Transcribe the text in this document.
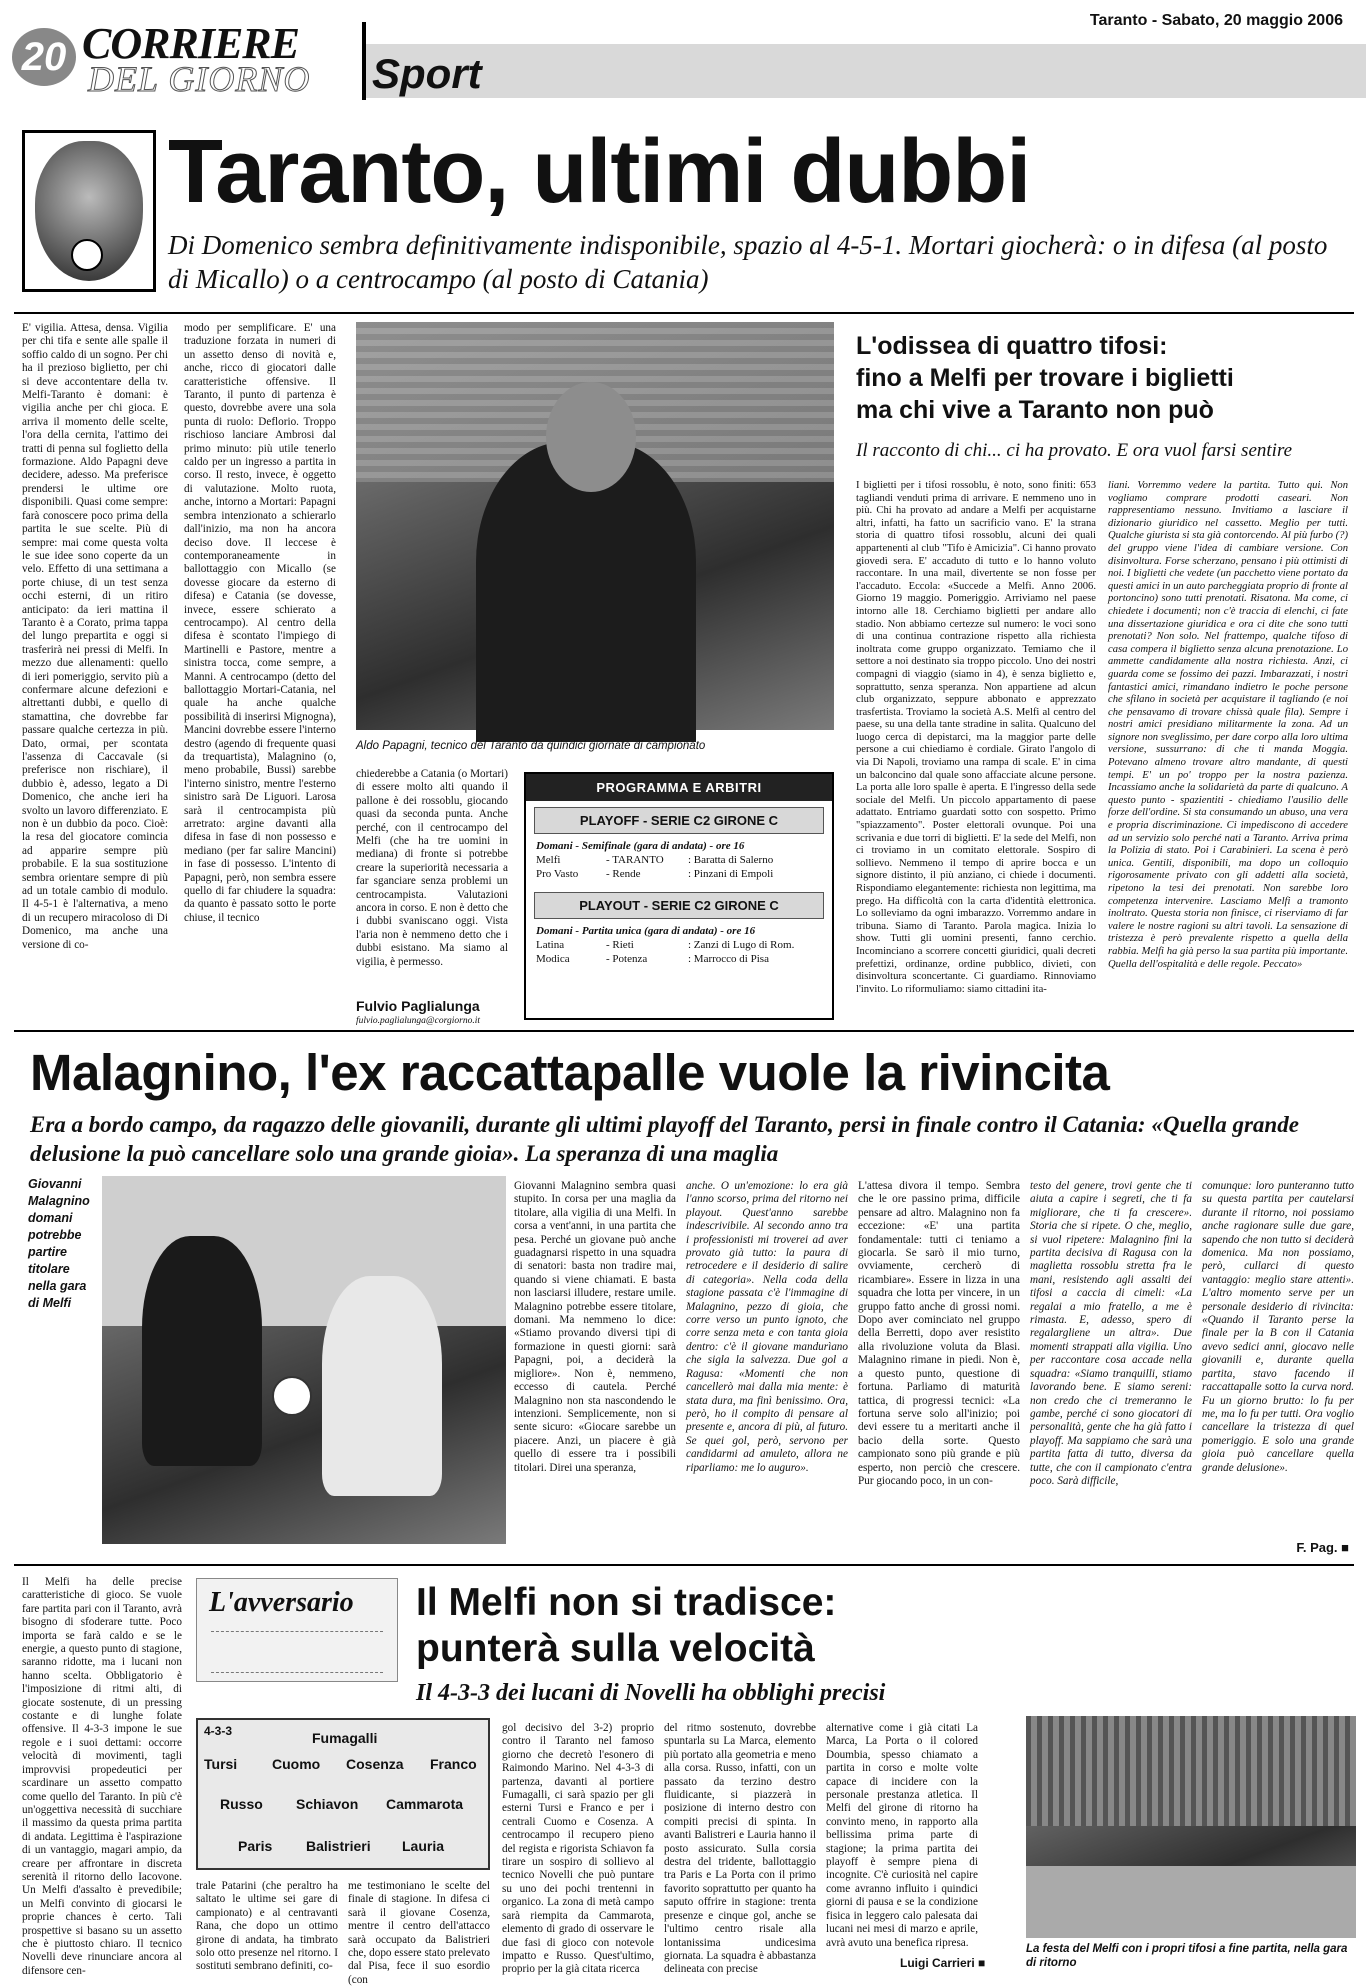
20 CORRIERE
DEL GIORNO Sport
Taranto - Sabato, 20 maggio 2006
Taranto, ultimi dubbi
Di Domenico sembra definitivamente indisponibile, spazio al 4-5-1. Mortari giocherà: o in difesa (al posto di Micallo) o a centrocampo (al posto di Catania)
E' vigilia. Attesa, densa. Vigilia per chi tifa e sente alle spalle il soffio caldo di un sogno. Per chi ha il prezioso biglietto, per chi si deve accontentare della tv. Melfi-Taranto è domani: è vigilia anche per chi gioca. E arriva il momento delle scelte, l'ora della cernita, l'attimo dei tratti di penna sul foglietto della formazione. Aldo Papagni deve decidere, adesso. Ma preferisce prendersi le ultime ore disponibili. Quasi come sempre: farà conoscere poco prima della partita le sue scelte. Più di sempre: mai come questa volta le sue idee sono coperte da un velo. Effetto di una settimana a porte chiuse, di un test senza occhi esterni, di un ritiro anticipato: da ieri mattina il Taranto è a Corato, prima tappa del lungo prepartita e oggi si trasferirà nei pressi di Melfi. In mezzo due allenamenti: quello di ieri pomeriggio, servito più a confermare alcune defezioni e altrettanti dubbi, e quello di stamattina, che dovrebbe far passare qualche certezza in più. Dato, ormai, per scontata l'assenza di Caccavale (si preferisce non rischiare), il dubbio è, adesso, legato a Di Domenico, che anche ieri ha svolto un lavoro differenziato. E non è un dubbio da poco. Cioè: la resa del giocatore comincia ad apparire sempre più probabile. E la sua sostituzione sembra orientare sempre di più ad un totale cambio di modulo. Il 4-5-1 è l'alternativa, a meno di un recupero miracoloso di Di Domenico, ma anche una versione di co-
modo per semplificare. E' una traduzione forzata in numeri di un assetto denso di novità e, anche, ricco di giocatori dalle caratteristiche offensive. Il Taranto, il punto di partenza è questo, dovrebbe avere una sola punta di ruolo: Deflorio. Troppo rischioso lanciare Ambrosi dal primo minuto: più utile tenerlo caldo per un ingresso a partita in corso. Il resto, invece, è oggetto di valutazione. Molto ruota, anche, intorno a Mortari: Papagni sembra intenzionato a schierarlo dall'inizio, ma non ha ancora deciso dove. Il leccese è contemporaneamente in ballottaggio con Micallo (se dovesse giocare da esterno di difesa) e Catania (se dovesse, invece, essere schierato a centrocampo). Al centro della difesa è scontato l'impiego di Martinelli e Pastore, mentre a sinistra tocca, come sempre, a Manni. A centrocampo (detto del ballottaggio Mortari-Catania, nel quale ha anche qualche possibilità di inserirsi Mignogna), Mancini dovrebbe essere l'interno destro (agendo di frequente quasi da trequartista), Malagnino (o, meno probabile, Bussi) sarebbe l'interno sinistro, mentre l'esterno sinistro sarà De Liguori. Larosa sarà il centrocampista più arretrato: argine davanti alla difesa in fase di non possesso e mediano (per far salire Mancini) in fase di possesso. L'intento di Papagni, però, non sembra essere quello di far chiudere la squadra: da quanto è passato sotto le porte chiuse, il tecnico
Aldo Papagni, tecnico del Taranto da quindici giornate di campionato
chiederebbe a Catania (o Mortari) di essere molto alti quando il pallone è dei rossoblu, giocando quasi da seconda punta. Anche perché, con il centrocampo del Melfi (che ha tre uomini in mediana) di fronte si potrebbe creare la superiorità necessaria a far sganciare senza problemi un centrocampista. Valutazioni ancora in corso. E non è detto che i dubbi svaniscano oggi. Vista l'aria non è nemmeno detto che i dubbi esistano. Ma siamo al vigilia, è permesso.
Fulvio Paglialunga
fulvio.paglialunga@corgiorno.it
PROGRAMMA E ARBITRI
PLAYOFF - SERIE C2 GIRONE C
Domani - Semifinale (gara di andata) - ore 16
Melfi	- TARANTO	: Baratta di Salerno
Pro Vasto	- Rende	: Pinzani di Empoli
PLAYOUT - SERIE C2 GIRONE C
Domani - Partita unica (gara di andata) - ore 16
Latina	- Rieti	: Zanzi di Lugo di Rom.
Modica	- Potenza	: Marrocco di Pisa
L'odissea di quattro tifosi:
fino a Melfi per trovare i biglietti
ma chi vive a Taranto non può
Il racconto di chi... ci ha provato. E ora vuol farsi sentire
I biglietti per i tifosi rossoblu, è noto, sono finiti: 653 tagliandi venduti prima di arrivare. E nemmeno uno in più. Chi ha provato ad andare a Melfi per acquistarne altri, infatti, ha fatto un sacrificio vano. E' la strana storia di quattro tifosi rossoblu, alcuni dei quali appartenenti al club "Tifo è Amicizia". Ci hanno provato giovedì sera. E' accaduto di tutto e lo hanno voluto raccontare. In una mail, divertente se non fosse per l'accaduto. Eccola: «Succede a Melfi. Anno 2006. Giorno 19 maggio. Pomeriggio. Arriviamo nel paese intorno alle 18. Cerchiamo biglietti per andare allo stadio. Non abbiamo certezze sul numero: le voci sono di una continua contrazione rispetto alla richiesta inoltrata come gruppo organizzato. Temiamo che il settore a noi destinato sia troppo piccolo. Uno dei nostri compagni di viaggio (siamo in 4), è senza biglietto e, soprattutto, senza speranza. Non appartiene ad alcun club organizzato, seppure abbonato e apprezzato trasfertista. Troviamo la società A.S. Melfi al centro del paese, su una della tante stradine in salita. Qualcuno del luogo cerca di depistarci, ma la maggior parte delle persone a cui chiediamo è cordiale. Girato l'angolo di via Di Napoli, troviamo una rampa di scale. E' in cima un balconcino dal quale sono affacciate alcune persone. La porta alle loro spalle è aperta. E l'ingresso della sede sociale del Melfi. Un piccolo appartamento di paese adattato. Entriamo guardati sotto con sospetto. Primo "spiazzamento". Poster elettorali ovunque. Poi una scrivania e due torri di biglietti. E' la sede del Melfi, non ci troviamo in un comitato elettorale. Sospiro di sollievo. Nemmeno il tempo di aprire bocca e un signore distinto, il più anziano, ci chiede i documenti. Rispondiamo elegantemente: richiesta non legittima, ma prego. Ha difficoltà con la carta d'identità elettronica. Lo solleviamo da ogni imbarazzo. Vorremmo andare in tribuna. Siamo di Taranto. Parola magica. Inizia lo show. Tutti gli uomini presenti, fanno cerchio. Incominciano a scorrere concetti giuridici, quali decreti prefettizi, ordinanze, ordine pubblico, divieti, con disinvoltura sconcertante. Ci guardiamo. Rinnoviamo l'invito. Lo riformuliamo: siamo cittadini ita-
liani. Vorremmo vedere la partita. Tutto qui. Non vogliamo comprare prodotti caseari. Non rappresentiamo nessuno. Invitiamo a lasciare il dizionario giuridico nel cassetto. Meglio per tutti. Qualche giurista si sta già contorcendo. Al più furbo (?) del gruppo viene l'idea di cambiare versione. Con disinvoltura. Forse scherzano, pensano i più ottimisti di noi. I biglietti che vedete (un pacchetto viene portato da questi amici in un auto parcheggiata proprio di fronte al portoncino) sono tutti prenotati. Risatona. Ma come, ci chiedete i documenti; non c'è traccia di elenchi, ci fate una dissertazione giuridica e ora ci dite che sono tutti prenotati? Non solo. Nel frattempo, qualche tifoso di casa compera il biglietto senza alcuna prenotazione. Lo ammette candidamente alla nostra richiesta. Anzi, ci guarda come se fossimo dei pazzi. Imbarazzati, i nostri fantastici amici, rimandano indietro le poche persone che sfilano in società per acquistare il tagliando (e noi che pensavamo di trovare chissà quale fila). Sempre i nostri amici presidiano militarmente la zona. Ad un signore non sveglissimo, per dare corpo alla loro ultima versione, sussurrano: di che ti manda Moggia. Potevano almeno trovare altro mandante, di questi tempi. E' un po' troppo per la nostra pazienza. Incassiamo anche la solidarietà da parte di qualcuno. A questo punto - spazientiti - chiediamo l'ausilio delle forze dell'ordine. Si sta consumando un abuso, una vera e propria discriminazione. Ci impediscono di accedere ad un servizio solo perché nati a Taranto. Arriva prima la Polizia di stato. Poi i Carabinieri. La scena è però unica. Gentili, disponibili, ma dopo un colloquio rigorosamente privato con gli addetti alla società, ripetono la tesi dei prenotati. Non sarebbe loro competenza intervenire. Lasciamo Melfi a tramonto inoltrato. Questa storia non finisce, ci riserviamo di far valere le nostre ragioni su altri tavoli. La sensazione di tristezza è però prevalente rispetto a quella della rabbia. Melfi ha già perso la sua partita più importante. Quella dell'ospitalità e delle regole. Peccato»
Malagnino, l'ex raccattapalle vuole la rivincita
Era a bordo campo, da ragazzo delle giovanili, durante gli ultimi playoff del Taranto, persi in finale contro il Catania: «Quella grande delusione la può cancellare solo una grande gioia». La speranza di una maglia
Giovanni Malagnino domani potrebbe partire titolare nella gara di Melfi
Giovanni Malagnino sembra quasi stupito. In corsa per una maglia da titolare, alla vigilia di una Melfi. In corsa a vent'anni, in una partita che pesa. Perché un giovane può anche guadagnarsi rispetto in una squadra di senatori: basta non tradire mai, quando si viene chiamati. E basta non lasciarsi illudere, restare umile. Malagnino potrebbe essere titolare, domani. Ma nemmeno lo dice: «Stiamo provando diversi tipi di formazione in questi giorni: sarà Papagni, poi, a deciderà la migliore». Non è, nemmeno, eccesso di cautela. Perché Malagnino non sta nascondendo le intenzioni. Semplicemente, non si sente sicuro: «Giocare sarebbe un piacere. Anzi, un piacere è già quello di essere tra i possibili titolari. Direi una speranza,
anche. O un'emozione: lo era già l'anno scorso, prima del ritorno nei playout. Quest'anno sarebbe indescrivibile. Al secondo anno tra i professionisti mi troverei ad aver provato già tutto: la paura di retrocedere e il desiderio di salire di categoria». Nella coda della stagione passata c'è l'immagine di Malagnino, pezzo di gioia, che corre verso un punto ignoto, che corre senza meta e con tanta gioia dentro: c'è il giovane mandurìano che sigla la salvezza. Due gol a Ragusa: «Momenti che non cancellerò mai dalla mia mente: è stata dura, ma finì benissimo. Ora, però, ho il compito di pensare al presente e, ancora di più, al futuro. Se quei gol, però, servono per candidarmi ad amuleto, allora ne riparliamo: me lo auguro».
L'attesa divora il tempo. Sembra che le ore passino prima, difficile pensare ad altro. Malagnino non fa eccezione: «E' una partita fondamentale: tutti ci teniamo a giocarla. Se sarò il mio turno, ovviamente, cercherò di ricambiare». Essere in lizza in una squadra che lotta per vincere, in un gruppo fatto anche di grossi nomi. Dopo aver cominciato nel gruppo della Berretti, dopo aver resistito alla rivoluzione voluta da Blasi. Malagnino rimane in piedi. Non è, a questo punto, questione di fortuna. Parliamo di maturità tattica, di progressi tecnici: «La fortuna serve solo all'inizio; poi devi essere tu a meritarti anche il bacio della sorte. Questo campionato sono più grande e più esperto, non perciò che crescere. Pur giocando poco, in un con-
testo del genere, trovi gente che ti aiuta a capire i segreti, che ti fa migliorare, che ti fa crescere». Storia che si ripete. O che, meglio, si vuol ripetere: Malagnino fini la partita decisiva di Ragusa con la maglietta rossoblu stretta fra le mani, resistendo agli assalti dei tifosi a caccia di cimeli: «La regalai a mio fratello, a me è rimasta. E, adesso, spero di regalargliene un altra». Due momenti strappati alla vigilia. Uno per raccontare cosa accade nella squadra: «Siamo tranquilli, stiamo lavorando bene. E siamo sereni: non credo che ci tremeranno le gambe, perché ci sono giocatori di personalità, gente che ha già fatto i playoff. Ma sappiamo che sarà una partita fatta di tutto, diversa da tutte, che con il campionato c'entra poco. Sarà difficile,
comunque: loro punteranno tutto su questa partita per cautelarsi durante il ritorno, noi possiamo anche ragionare sulle due gare, sapendo che non tutto si deciderà domenica. Ma non possiamo, però, cullarci di questo vantaggio: meglio stare attenti». L'altro momento serve per un personale desiderio di rivincita: «Quando il Taranto perse la finale per la B con il Catania avevo sedici anni, giocavo nelle giovanili e, durante quella partita, stavo facendo il raccattapalle sotto la curva nord. Fu un giorno brutto: lo fu per me, ma lo fu per tutti. Ora voglio cancellare la tristezza di quel pomeriggio. E solo una grande gioia può cancellare quella grande delusione».
F. Pag. ■
Il Melfi ha delle precise caratteristiche di gioco. Se vuole fare partita pari con il Taranto, avrà bisogno di sfoderare tutte. Poco importa se farà caldo e se le energie, a questo punto di stagione, saranno ridotte, ma i lucani non hanno scelta. Obbligatorio è l'imposizione di ritmi alti, di giocate sostenute, di un pressing costante e di lunghe folate offensive. Il 4-3-3 impone le sue regole e i suoi dettami: occorre velocità di movimenti, tagli improvvisi propedeutici per scardinare un assetto compatto come quello del Taranto. In più c'è un'oggettiva necessità di succhiare il massimo da questa prima partita di andata. Legittima è l'aspirazione di un vantaggio, magari ampio, da creare per affrontare in discreta serenità il ritorno dello Iacovone. Un Melfi d'assalto è prevedibile; un Melfi convinto di giocarsi le proprie chances è certo. Tali prospettive si basano su un assetto che è piuttosto chiaro. Il tecnico Novelli deve rinunciare ancora al difensore cen-
L'avversario	Il Melfi non si tradisce:
punterà sulla velocità
Il 4-3-3 dei lucani di Novelli ha obblighi precisi
4-3-3	Fumagalli
Tursi Cuomo Cosenza Franco
Russo Schiavon Cammarota
Paris Balistrieri Lauria
trale Patarini (che peraltro ha saltato le ultime sei gare di campionato) e al centravanti Rana, che dopo un ottimo girone di andata, ha timbrato solo otto presenze nel ritorno. I sostituti sembrano definiti, co-
me testimoniano le scelte del finale di stagione. In difesa ci sarà il giovane Cosenza, mentre il centro dell'attacco sarà occupato da Balistrieri che, dopo essere stato prelevato dal Pisa, fece il suo esordio (con
gol decisivo del 3-2) proprio contro il Taranto nel famoso giorno che decretò l'esonero di Raimondo Marino. Nel 4-3-3 di partenza, davanti al portiere Fumagalli, ci sarà spazio per gli esterni Tursi e Franco e per i centrali Cuomo e Cosenza. A centrocampo il recupero pieno del regista e rigorista Schiavon fa tirare un sospiro di sollievo al tecnico Novelli che può puntare su uno dei pochi trentenni in organico. La zona di metà campo sarà riempita da Cammarota, elemento di grado di osservare le due fasi di gioco con notevole impatto e Russo. Quest'ultimo, proprio per la già citata ricerca
del ritmo sostenuto, dovrebbe spuntarla su La Marca, elemento più portato alla geometria e meno alla corsa. Russo, infatti, con un passato da terzino destro fluidicante, si piazzerà in posizione di interno destro con compiti precisi di spinta. In avanti Balistreri e Lauria hanno il posto assicurato. Sulla corsia destra del tridente, ballottaggio tra Paris e La Porta con il primo favorito soprattutto per quanto ha saputo offrire in stagione: trenta presenze e cinque gol, anche se l'ultimo centro risale alla lontanissima undicesima giornata. La squadra è abbastanza delineata con precise
alternative come i già citati La Marca, La Porta o il colored Doumbia, spesso chiamato a partita in corso e molte volte capace di incidere con la personale prestanza atletica. Il Melfi del girone di ritorno ha convinto meno, in rapporto alla bellissima prima parte di stagione; la prima partita dei playoff è sempre piena di incognite. C'è curiosità nel capire come avranno influito i quindici giorni di pausa e se la condizione fisica in leggero calo palesata dai lucani nei mesi di marzo e aprile, avrà avuto una benefica ripresa.
Luigi Carrieri ■
La festa del Melfi con i propri tifosi a fine partita, nella gara di ritorno
